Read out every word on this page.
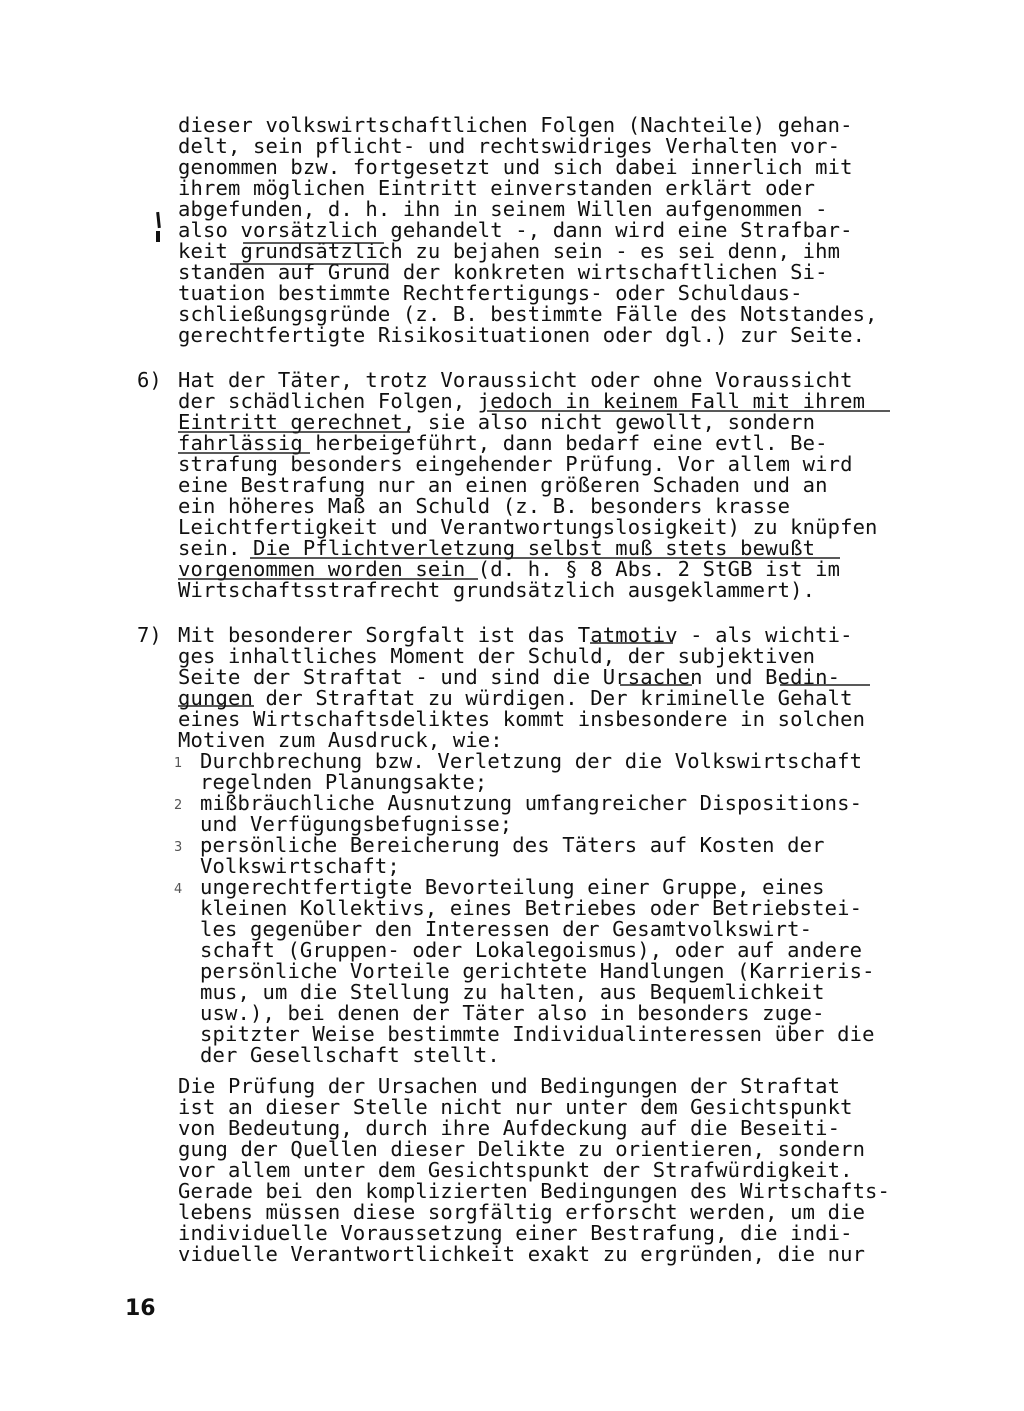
dieser volkswirtschaftlichen Folgen (Nachteile) gehan-
delt, sein pflicht- und rechtswidriges Verhalten vor-
genommen bzw. fortgesetzt und sich dabei innerlich mit
ihrem möglichen Eintritt einverstanden erklärt oder
abgefunden, d. h. ihn in seinem Willen aufgenommen -
also vorsätzlich gehandelt -, dann wird eine Strafbar-
keit grundsätzlich zu bejahen sein - es sei denn, ihm
standen auf Grund der konkreten wirtschaftlichen Si-
tuation bestimmte Rechtfertigungs- oder Schuldaus-
schließungsgründe (z. B. bestimmte Fälle des Notstandes,
gerechtfertigte Risikosituationen oder dgl.) zur Seite.
6) Hat der Täter, trotz Voraussicht oder ohne Voraussicht
der schädlichen Folgen, jedoch in keinem Fall mit ihrem
Eintritt gerechnet, sie also nicht gewollt, sondern
fahrlässig herbeigeführt, dann bedarf eine evtl. Be-
strafung besonders eingehender Prüfung. Vor allem wird
eine Bestrafung nur an einen größeren Schaden und an
ein höheres Maß an Schuld (z. B. besonders krasse
Leichtfertigkeit und Verantwortungslosigkeit) zu knüpfen
sein. Die Pflichtverletzung selbst muß stets bewußt
vorgenommen worden sein (d. h. § 8 Abs. 2 StGB ist im
Wirtschaftsstrafrecht grundsätzlich ausgeklammert).
7) Mit besonderer Sorgfalt ist das Tatmotiv - als wichti-
ges inhaltliches Moment der Schuld, der subjektiven
Seite der Straftat - und sind die Ursachen und Bedin-
gungen der Straftat zu würdigen. Der kriminelle Gehalt
eines Wirtschaftsdeliktes kommt insbesondere in solchen
Motiven zum Ausdruck, wie:
1
2
3
4
Durchbrechung bzw. Verletzung der die Volkswirtschaft
regelnden Planungsakte;
mißbräuchliche Ausnutzung umfangreicher Dispositions-
und Verfügungsbefugnisse;
persönliche Bereicherung des Täters auf Kosten der
Volkswirtschaft;
ungerechtfertigte Bevorteilung einer Gruppe, eines
kleinen Kollektivs, eines Betriebes oder Betriebstei-
les gegenüber den Interessen der Gesamtvolkswirt-
schaft (Gruppen- oder Lokalegoismus), oder auf andere
persönliche Vorteile gerichtete Handlungen (Karrieris-
mus, um die Stellung zu halten, aus Bequemlichkeit
usw.), bei denen der Täter also in besonders zuge-
spitzter Weise bestimmte Individualinteressen über die
der Gesellschaft stellt.
Die Prüfung der Ursachen und Bedingungen der Straftat
ist an dieser Stelle nicht nur unter dem Gesichtspunkt
von Bedeutung, durch ihre Aufdeckung auf die Beseiti-
gung der Quellen dieser Delikte zu orientieren, sondern
vor allem unter dem Gesichtspunkt der Strafwürdigkeit.
Gerade bei den komplizierten Bedingungen des Wirtschafts-
lebens müssen diese sorgfältig erforscht werden, um die
individuelle Voraussetzung einer Bestrafung, die indi-
viduelle Verantwortlichkeit exakt zu ergründen, die nur
16
